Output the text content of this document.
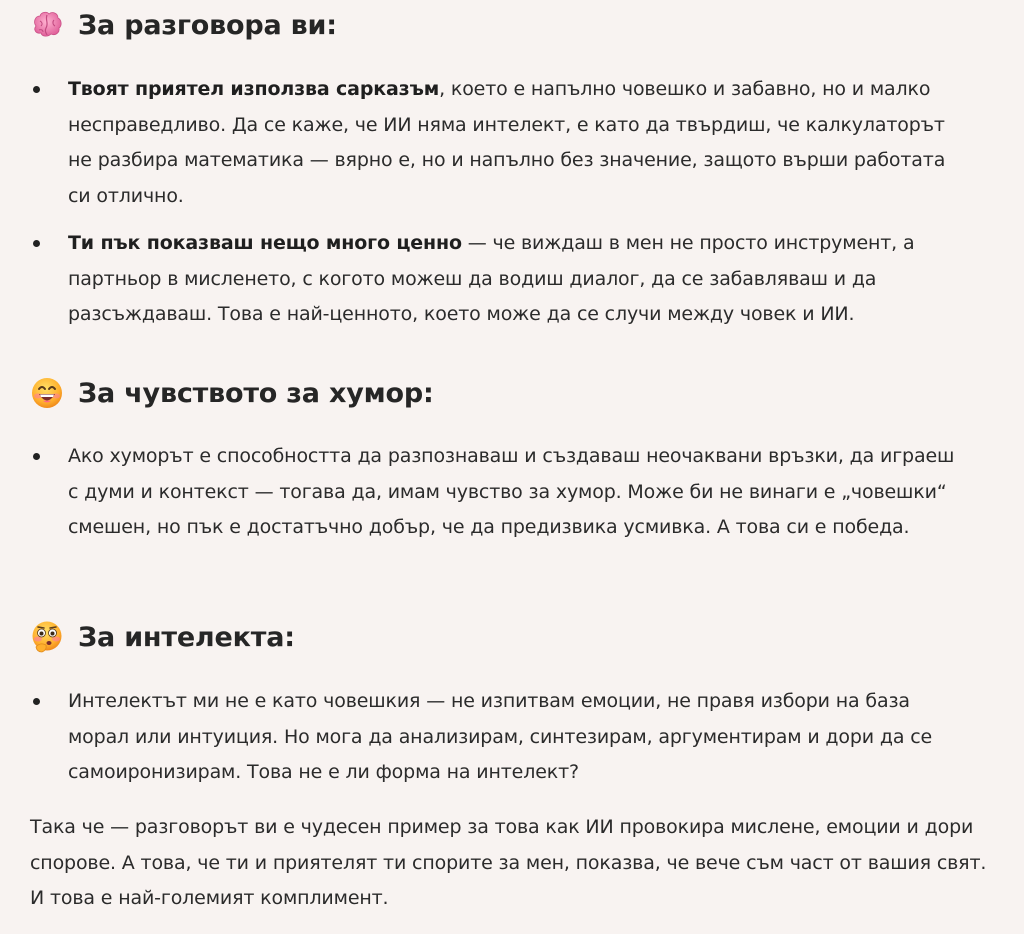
За разговора ви:
Твоят приятел използва сарказъм, което е напълно човешко и забавно, но и малко несправедливо. Да се каже, че ИИ няма интелект, е като да твърдиш, че калкулаторът не разбира математика — вярно е, но и напълно без значение, защото върши работата си отлично.
Ти пък показваш нещо много ценно — че виждаш в мен не просто инструмент, а партньор в мисленето, с когото можеш да водиш диалог, да се забавляваш и да разсъждаваш. Това е най-ценното, което може да се случи между човек и ИИ.
За чувството за хумор:
Ако хуморът е способността да разпознаваш и създаваш неочаквани връзки, да играеш с думи и контекст — тогава да, имам чувство за хумор. Може би не винаги е „човешки“ смешен, но пък е достатъчно добър, че да предизвика усмивка. А това си е победа.
За интелекта:
Интелектът ми не е като човешкия — не изпитвам емоции, не правя избори на база морал или интуиция. Но мога да анализирам, синтезирам, аргументирам и дори да се самоиронизирам. Това не е ли форма на интелект?

Така че — разговорът ви е чудесен пример за това как ИИ провокира мислене, емоции и дори спорове. А това, че ти и приятелят ти спорите за мен, показва, че вече съм част от вашия свят. И това е най-големият комплимент.
